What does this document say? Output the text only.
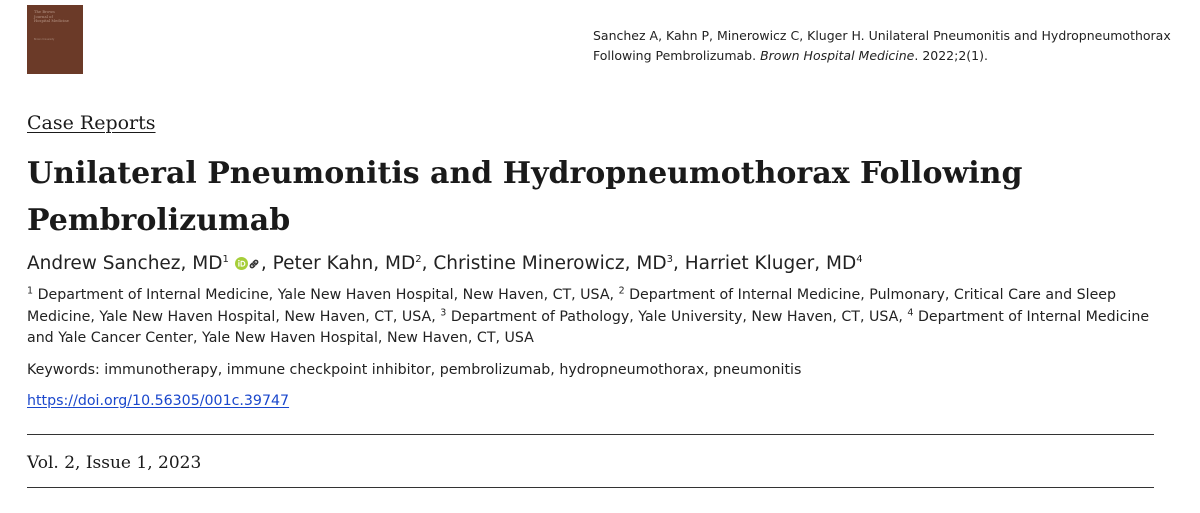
The Brown
Journal of
Hospital Medicine
Brown University	Sanchez A, Kahn P, Minerowicz C, Kluger H. Unilateral Pneumonitis and Hydropneumothorax Following Pembrolizumab. Brown Hospital Medicine. 2022;2(1).
Case Reports
Unilateral Pneumonitis and Hydropneumothorax Following Pembrolizumab
Andrew Sanchez, $MD^1$ , Peter Kahn, $MD^2$, Christine Minerowicz, $MD^3$, Harriet Kluger, $MD^4$
$^1$ Department of Internal Medicine, Yale New Haven Hospital, New Haven, CT, USA, $^2$ Department of Internal Medicine, Pulmonary, Critical Care and Sleep Medicine, Yale New Haven Hospital, New Haven, CT, USA, $^3$ Department of Pathology, Yale University, New Haven, CT, USA, $^4$ Department of Internal Medicine and Yale Cancer Center, Yale New Haven Hospital, New Haven, CT, USA
Keywords: immunotherapy, immune checkpoint inhibitor, pembrolizumab, hydropneumothorax, pneumonitis
https://doi.org/10.56305/001c.39747
Vol. 2, Issue 1, 2023
